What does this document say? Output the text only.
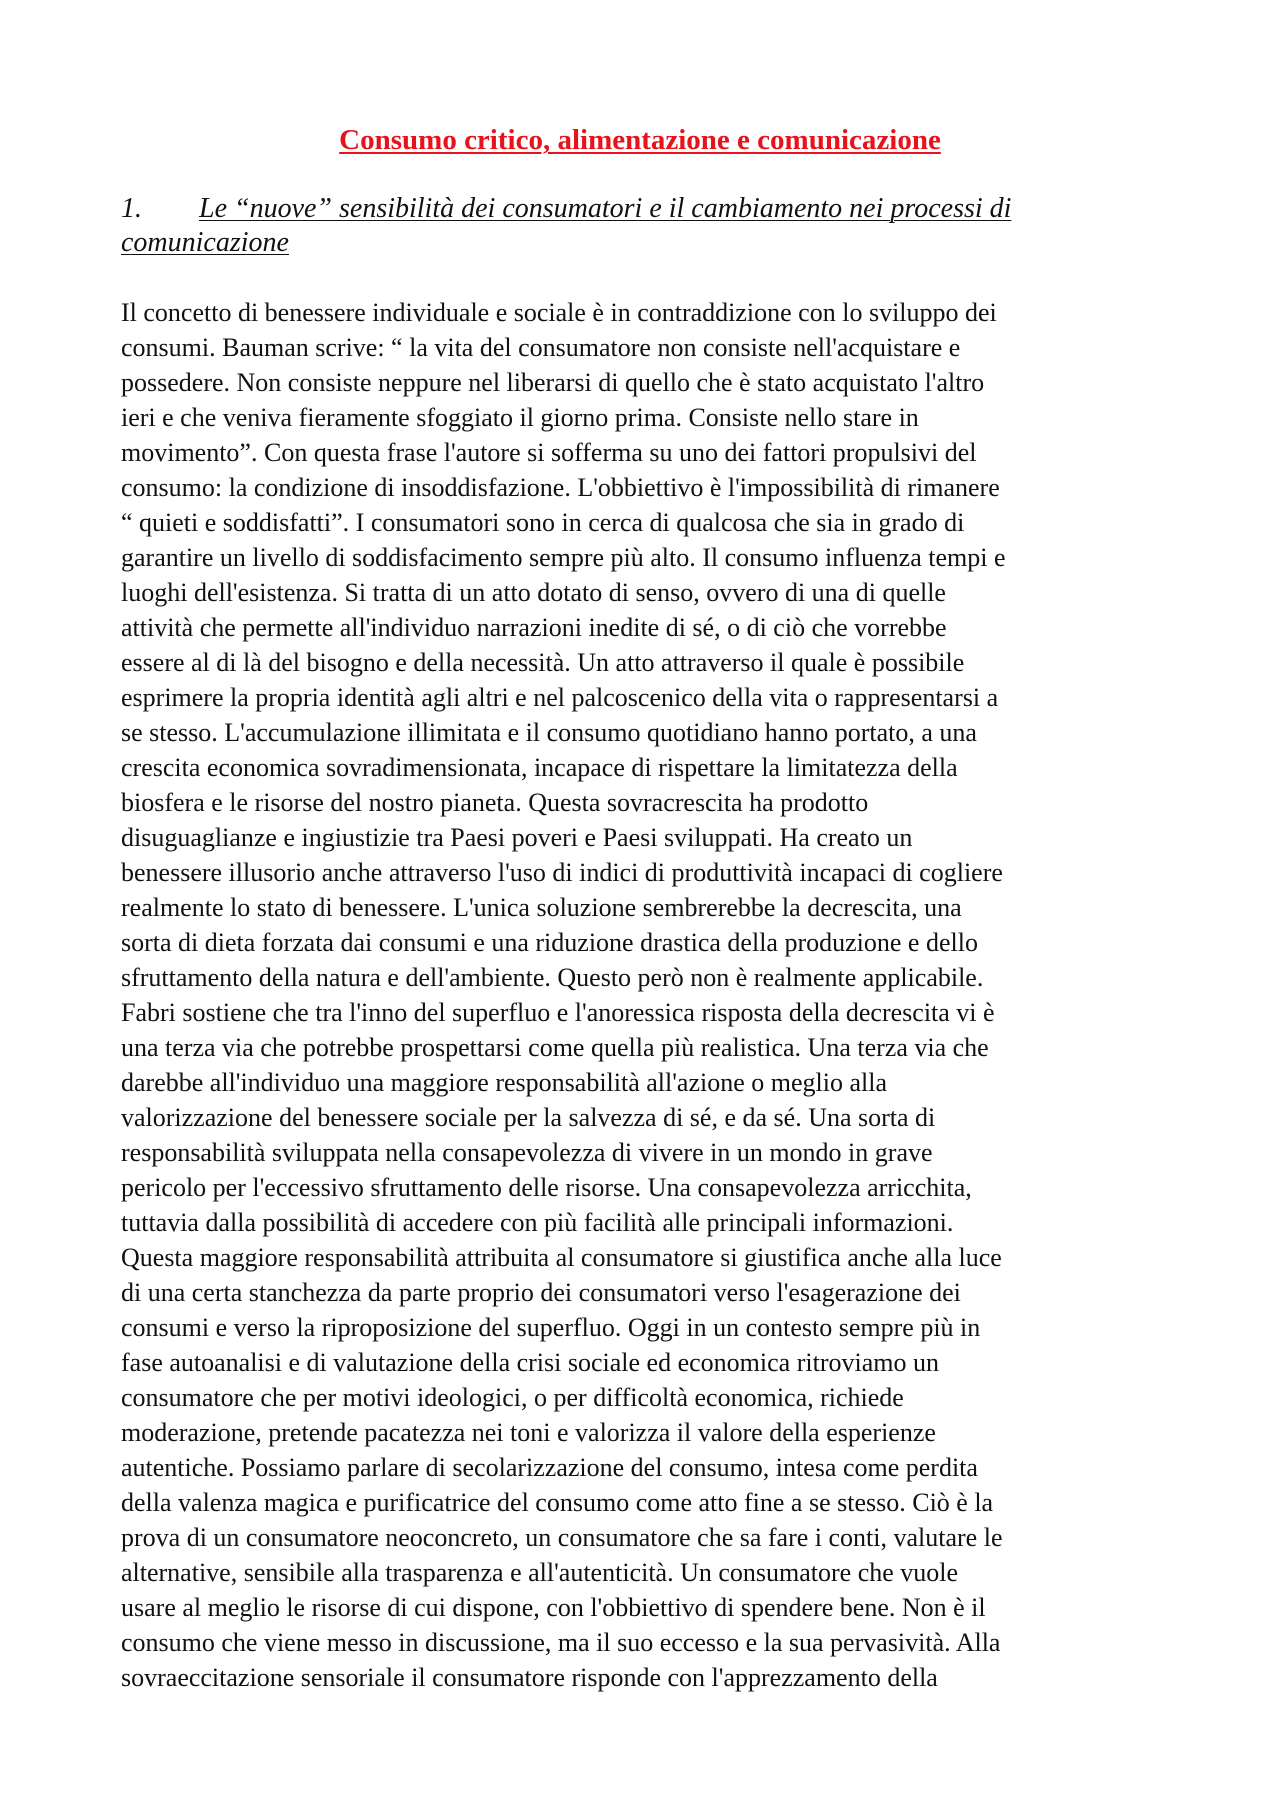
Consumo critico, alimentazione e comunicazione
1. Le “nuove” sensibilità dei consumatori e il cambiamento nei processi di
comunicazione
Il concetto di benessere individuale e sociale è in contraddizione con lo sviluppo dei
consumi. Bauman scrive: “ la vita del consumatore non consiste nell'acquistare e
possedere. Non consiste neppure nel liberarsi di quello che è stato acquistato l'altro
ieri e che veniva fieramente sfoggiato il giorno prima. Consiste nello stare in
movimento”. Con questa frase l'autore si sofferma su uno dei fattori propulsivi del
consumo: la condizione di insoddisfazione. L'obbiettivo è l'impossibilità di rimanere
“ quieti e soddisfatti”. I consumatori sono in cerca di qualcosa che sia in grado di
garantire un livello di soddisfacimento sempre più alto. Il consumo influenza tempi e
luoghi dell'esistenza. Si tratta di un atto dotato di senso, ovvero di una di quelle
attività che permette all'individuo narrazioni inedite di sé, o di ciò che vorrebbe
essere al di là del bisogno e della necessità. Un atto attraverso il quale è possibile
esprimere la propria identità agli altri e nel palcoscenico della vita o rappresentarsi a
se stesso. L'accumulazione illimitata e il consumo quotidiano hanno portato, a una
crescita economica sovradimensionata, incapace di rispettare la limitatezza della
biosfera e le risorse del nostro pianeta. Questa sovracrescita ha prodotto
disuguaglianze e ingiustizie tra Paesi poveri e Paesi sviluppati. Ha creato un
benessere illusorio anche attraverso l'uso di indici di produttività incapaci di cogliere
realmente lo stato di benessere. L'unica soluzione sembrerebbe la decrescita, una
sorta di dieta forzata dai consumi e una riduzione drastica della produzione e dello
sfruttamento della natura e dell'ambiente. Questo però non è realmente applicabile.
Fabri sostiene che tra l'inno del superfluo e l'anoressica risposta della decrescita vi è
una terza via che potrebbe prospettarsi come quella più realistica. Una terza via che
darebbe all'individuo una maggiore responsabilità all'azione o meglio alla
valorizzazione del benessere sociale per la salvezza di sé, e da sé. Una sorta di
responsabilità sviluppata nella consapevolezza di vivere in un mondo in grave
pericolo per l'eccessivo sfruttamento delle risorse. Una consapevolezza arricchita,
tuttavia dalla possibilità di accedere con più facilità alle principali informazioni.
Questa maggiore responsabilità attribuita al consumatore si giustifica anche alla luce
di una certa stanchezza da parte proprio dei consumatori verso l'esagerazione dei
consumi e verso la riproposizione del superfluo. Oggi in un contesto sempre più in
fase autoanalisi e di valutazione della crisi sociale ed economica ritroviamo un
consumatore che per motivi ideologici, o per difficoltà economica, richiede
moderazione, pretende pacatezza nei toni e valorizza il valore della esperienze
autentiche. Possiamo parlare di secolarizzazione del consumo, intesa come perdita
della valenza magica e purificatrice del consumo come atto fine a se stesso. Ciò è la
prova di un consumatore neoconcreto, un consumatore che sa fare i conti, valutare le
alternative, sensibile alla trasparenza e all'autenticità. Un consumatore che vuole
usare al meglio le risorse di cui dispone, con l'obbiettivo di spendere bene. Non è il
consumo che viene messo in discussione, ma il suo eccesso e la sua pervasività. Alla
sovraeccitazione sensoriale il consumatore risponde con l'apprezzamento della
